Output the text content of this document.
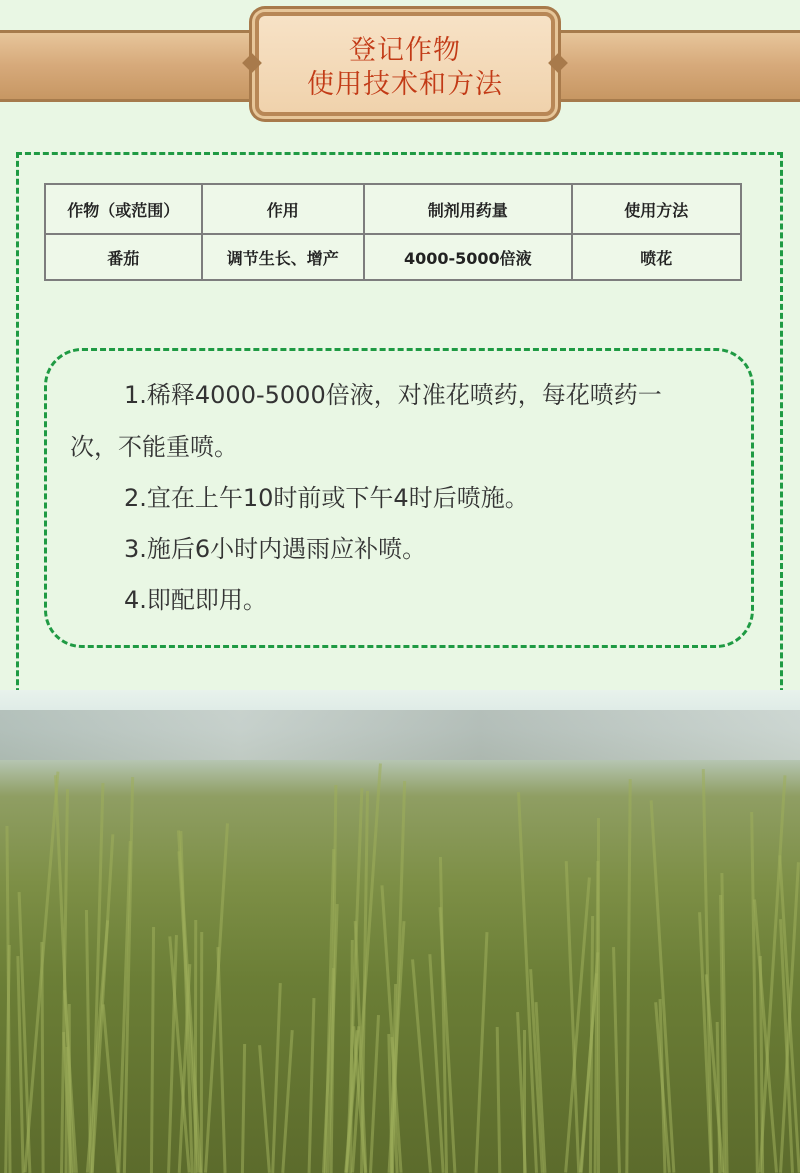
登记作物
使用技术和方法
作物（或范围）	作用	制剂用药量	使用方法
番茄	调节生长、增产	4000-5000倍液	喷花
1.稀释4000-5000倍液，对准花喷药，每花喷药一
次，不能重喷。
2.宜在上午10时前或下午4时后喷施。
3.施后6小时内遇雨应补喷。
4.即配即用。
